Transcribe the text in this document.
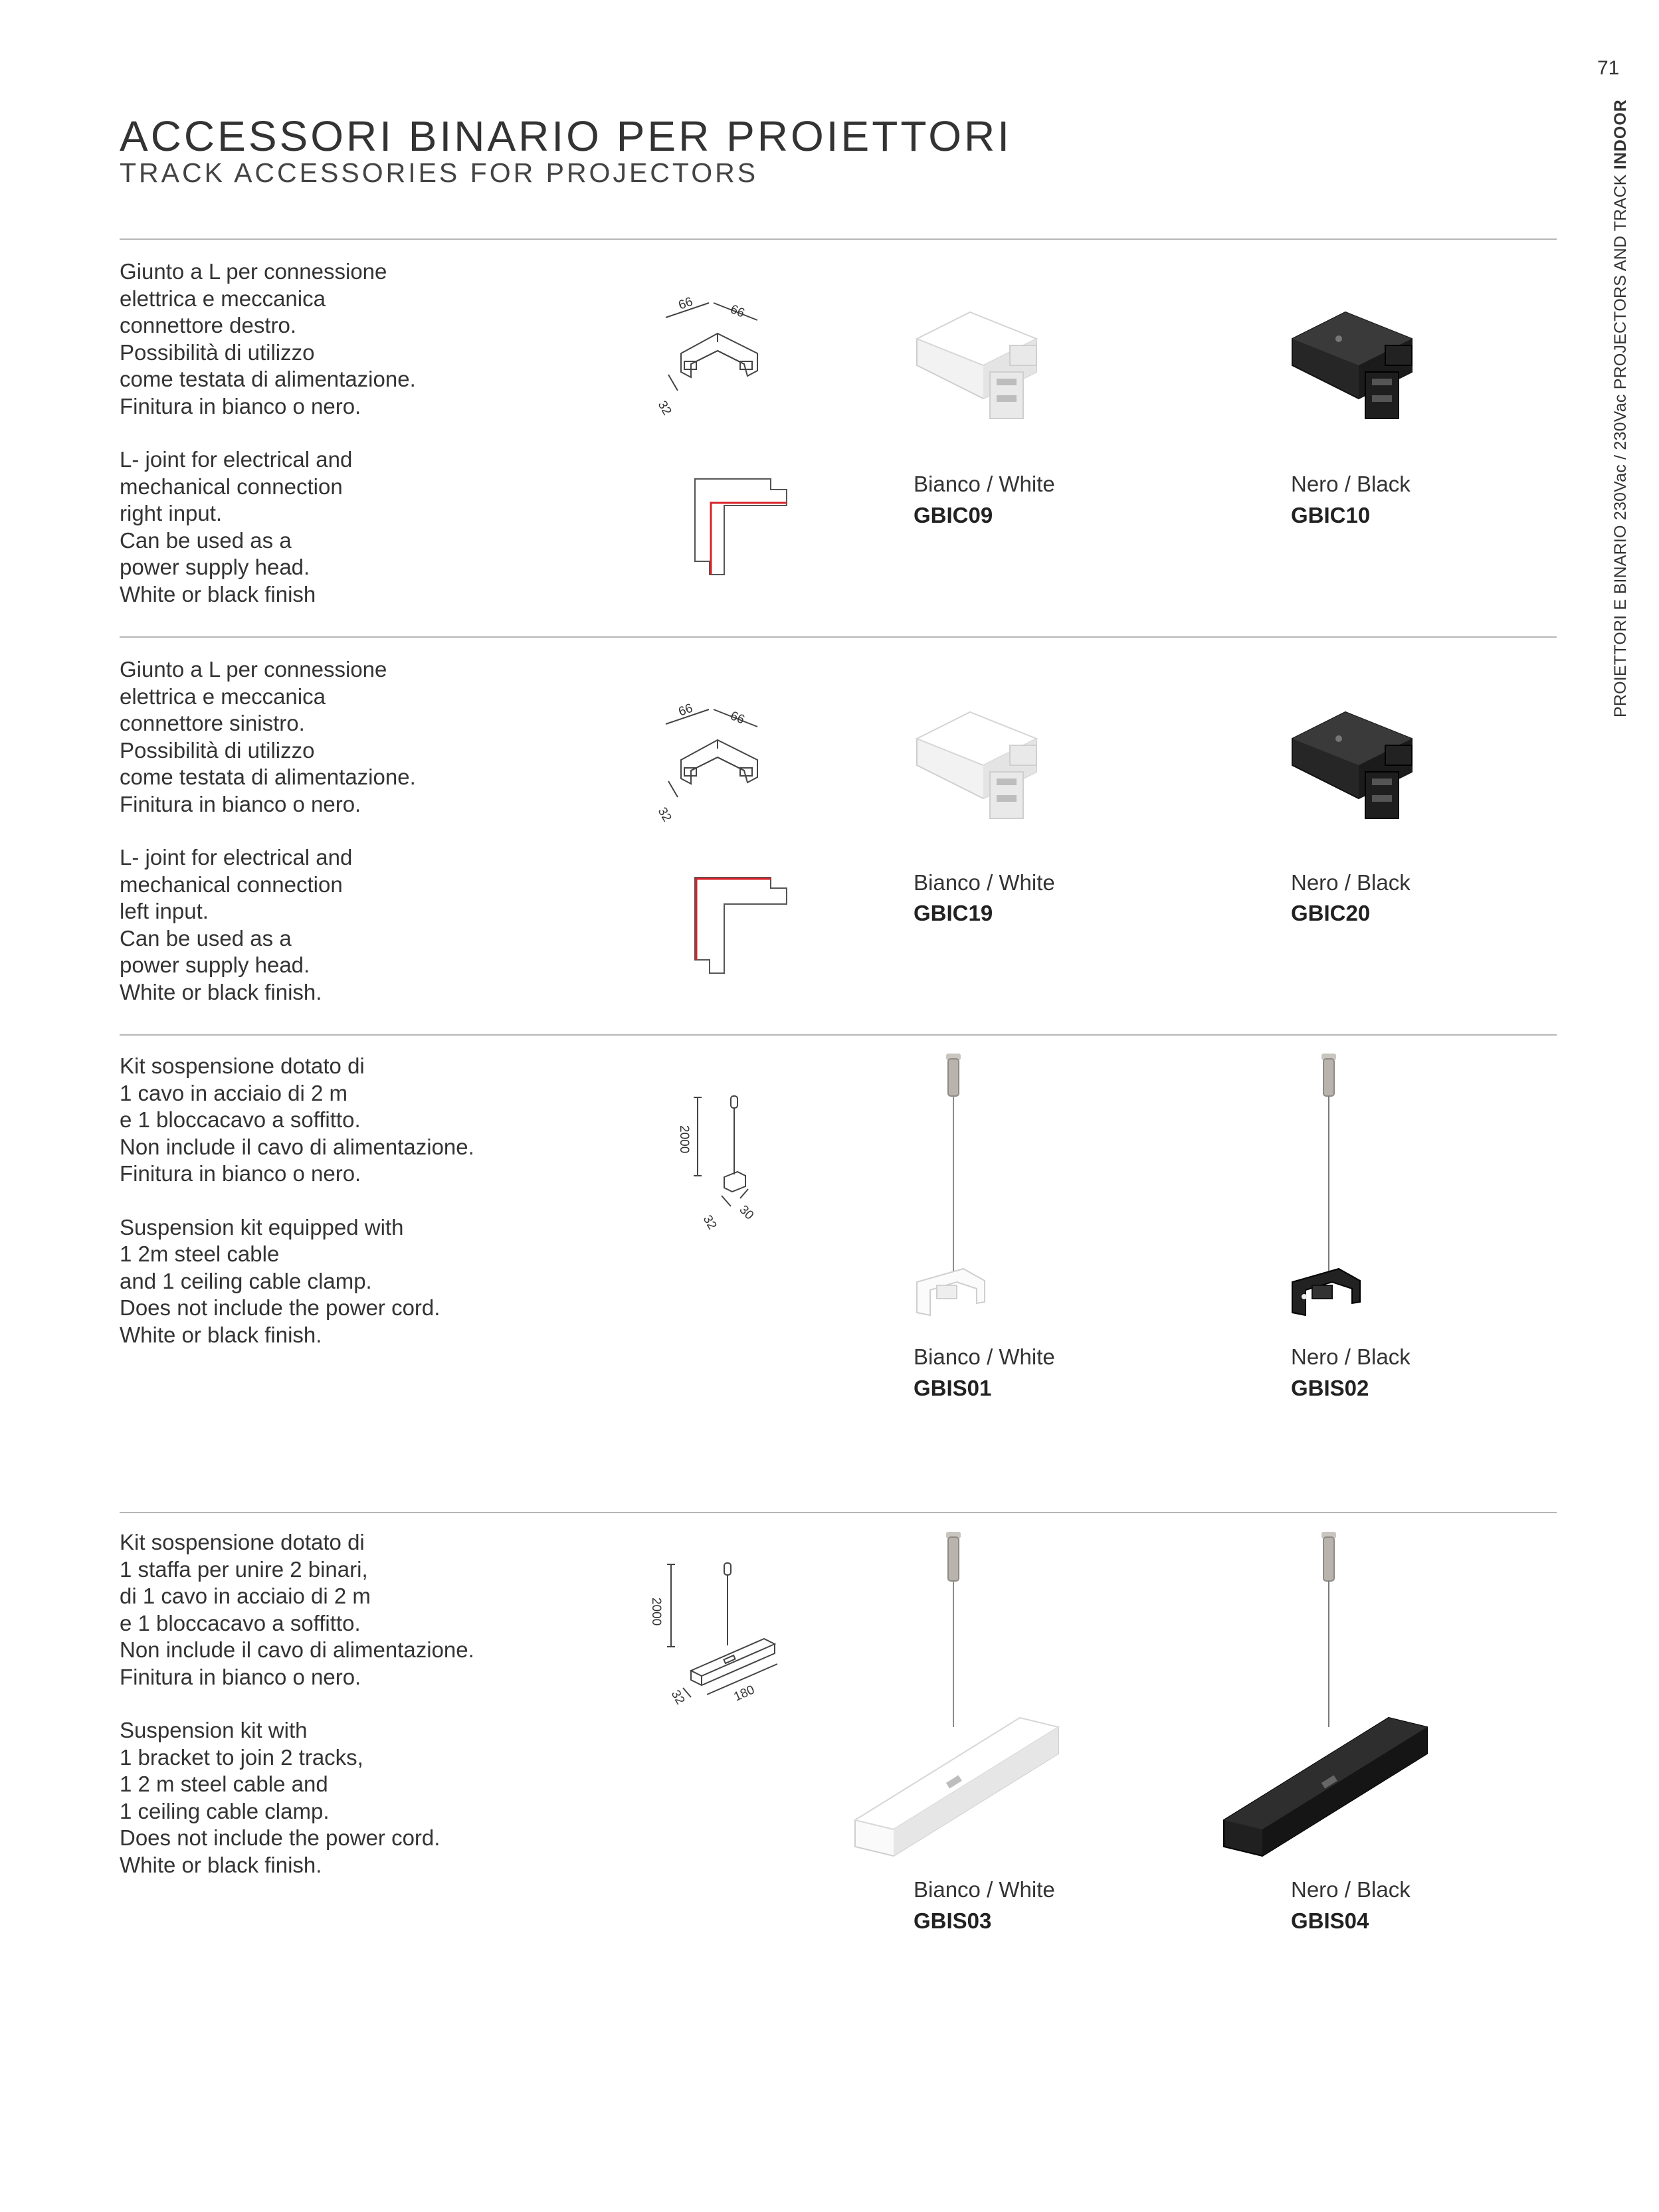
71
PROIETTORI E BINARIO 230Vac / 230Vac PROJECTORS AND TRACK INDOOR
ACCESSORI BINARIO PER PROIETTORI
TRACK ACCESSORIES FOR PROJECTORS

Giunto a L per connessione
elettrica e meccanica
connettore destro.
Possibilità di utilizzo
come testata di alimentazione.
Finitura in bianco o nero.

L- joint for electrical and
mechanical connection
right input.
Can be used as a
power supply head.
White or black finish

66	66
32
Bianco / White
GBIC09
Nero / Black
GBIC10

Giunto a L per connessione
elettrica e meccanica
connettore sinistro.
Possibilità di utilizzo
come testata di alimentazione.
Finitura in bianco o nero.

L- joint for electrical and
mechanical connection
left input.
Can be used as a
power supply head.
White or black finish.

66	66
32
Bianco / White
GBIC19
Nero / Black
GBIC20

Kit sospensione dotato di
1 cavo in acciaio di 2 m
e 1 bloccacavo a soffitto.
Non include il cavo di alimentazione.
Finitura in bianco o nero.

Suspension kit equipped with
1 2m steel cable
and 1 ceiling cable clamp.
Does not include the power cord.
White or black finish.

2000
32 30
Bianco / White
GBIS01
Nero / Black
GBIS02

Kit sospensione dotato di
1 staffa per unire 2 binari,
di 1 cavo in acciaio di 2 m
e 1 bloccacavo a soffitto.
Non include il cavo di alimentazione.
Finitura in bianco o nero.

Suspension kit with
1 bracket to join 2 tracks,
1 2 m steel cable and
1 ceiling cable clamp.
Does not include the power cord.
White or black finish.

2000
32	180
Bianco / White
GBIS03
Nero / Black
GBIS04
